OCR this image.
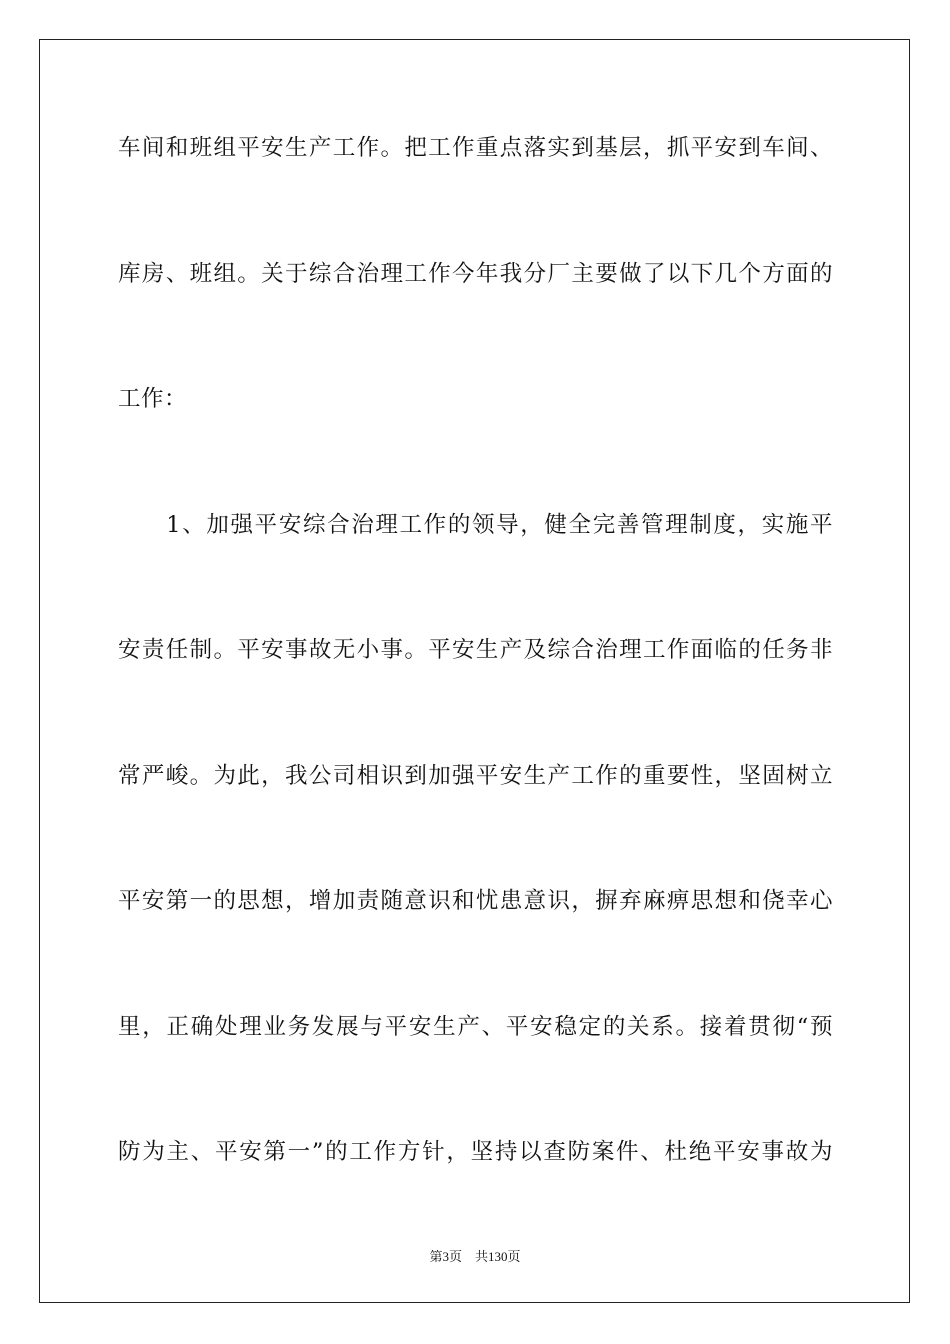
车间和班组平安生产工作。把工作重点落实到基层，抓平安到车间、
库房、班组。关于综合治理工作今年我分厂主要做了以下几个方面的
工作：
　　1、加强平安综合治理工作的领导，健全完善管理制度，实施平
安责任制。平安事故无小事。平安生产及综合治理工作面临的任务非
常严峻。为此，我公司相识到加强平安生产工作的重要性，坚固树立
平安第一的思想，增加责随意识和忧患意识，摒弃麻痹思想和侥幸心
里，正确处理业务发展与平安生产、平安稳定的关系。接着贯彻“预
防为主、平安第一”的工作方针，坚持以查防案件、杜绝平安事故为
第3页　共130页
